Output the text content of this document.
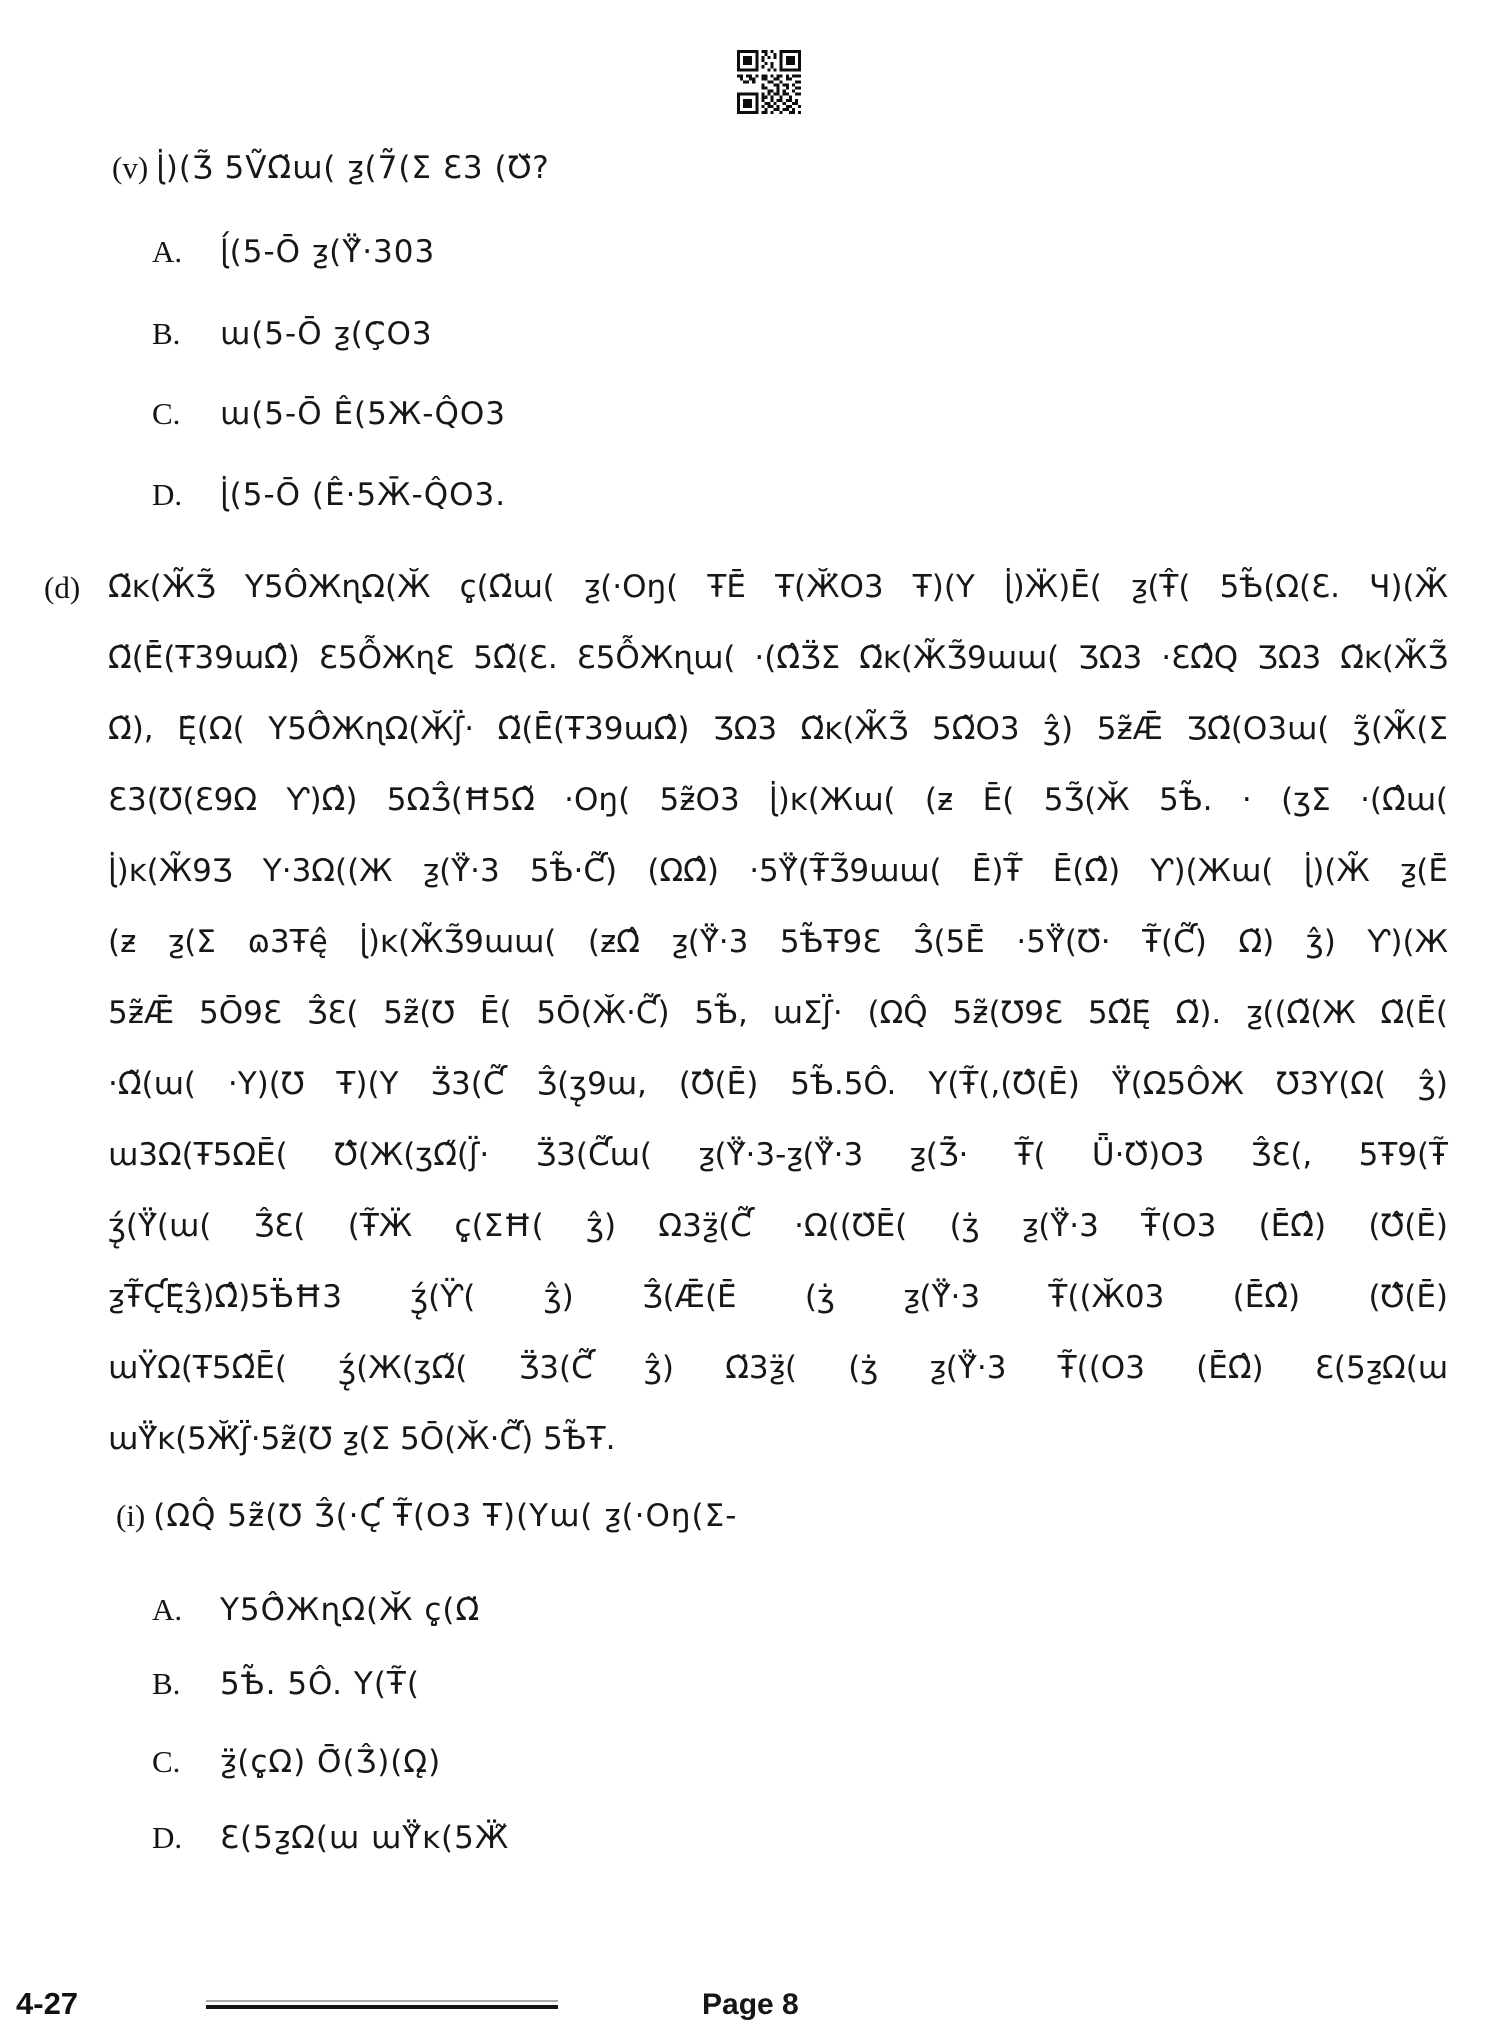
(v) ɭ̇)(Ʒ̃ 5ṼΩ̈ɯ( ƺ(7̃(Σ Ɛ3 (Ʊ̆?
A.	ɭ́(5-Ō ƺ(Ϋ̃·303
B.	ɯ(5-Ō ƺ(Ç̈O3
C.	ɯ(5-Ō Ê(5Ж-Q̂O3
D.	ɭ̇(5-Ō (Ê̈·5Ж̄-Q̂O3.
(d) Ω̈ĸ(Ж̃Ʒ̃ Υ5ÔЖɳΩ(Ӂ ҫ̨(Ω̈ɯ( ƺ(·Oŋ( ŦĒ̃ Ŧ(Ӂ̈O3 Ŧ)(Υ ɭ̇)Ӝ)Ē( ƺ(Ŧ̂( 5Ѣ̃(Ω(Ɛ. Ч)(Ж̃
Ω̈(Ē̃(Ŧ39ɯΩ̂) Ɛ5ỖЖɳƐ 5Ω̃(Ɛ. Ɛ5ỖЖɳɯ( ·(Ω̂Ʒ̈Σ Ω̈ĸ(Ж̃Ʒ̃9ɯɯ( ƷΩ3 ·ƐΩ̂Q ƷΩ3 Ω̈ĸ(Ж̃Ʒ̃
Ω̈), Ę̂(Ω( Υ5Ô̂ЖɳΩ(Ӂʃ̈· Ω̈(Ē̃(Ŧ39ɯΩ̂) ƷΩ3 Ω̈ĸ(Ж̃Ʒ̃ 5Ω̃O3 ʒ̂) 5ƶ̃Ǣ̈ ƷΩ̈(O3ɯ( ʒ̃(Ж̃(Σ
Ɛ3(Ʊ(Ɛ9Ω Ƴ)Ω̂) 5ΩƷ̂(Ħ5Ω̃ ·Oŋ( 5ƶ̃O3 ɭ̇)ĸ(Жɯ( (ƶ Ē( 5Ʒ̃(Ӂ 5Ѣ̃. · (ʒΣ ·(Ω̂ɯ(
ɭ̇)ĸ(Ж̃9Ʒ Υ·3Ω((Ж ƺ(Ϋ̃·3 5Ѣ̃·Ƈ̃) (ΩΩ̂) ·5Ϋ̃(Ŧ̃Ʒ̃9ɯɯ( Ē̃)Ŧ̃ Ē(Ω̂) Ƴ)(Жɯ( ɭ̇)(Ж̃ ƺ(Ē̃
(ƶ ƺ(Σ ɷ3Ŧę̂ ɭ̇)ĸ(Ж̃Ʒ̃9ɯɯ( (ƶΩ̂ ƺ(Ϋ̃·3 5Ѣ̃Ŧ9Ɛ Ʒ̂(5Ē̃ ·5Ϋ̃(Ʊ̈· Ŧ̃(Ƈ̃) Ω̈) ʒ̂) Ƴ)(Ж
5ƶ̃Ǣ̈ 5Ō9Ɛ Ʒ̂Ɛ( 5ƶ̃(Ʊ Ē( 5Ō(Ӂ·Ƈ̃) 5Ѣ̃, ɯΣʃ̈· (ΩQ̂ 5ƶ̃(Ʊ9Ɛ 5Ω̃Ę̂ Ω̈). ƺ((Ω̃(Ж Ω̈(Ē̃(
·Ω̃(ɯ( ·Υ)(Ʊ Ŧ)(Υ Ʒ̈3(Ƈ̃ Ʒ̂(ʒ̨9ɯ, (Ʊ̂(Ē̃) 5Ѣ̃.5Ô. Υ(Ŧ̃(,(Ʊ̂(Ē̃) Ϋ̈(Ω5ÔЖ Ʊ3Υ(Ω( ʒ̂)
ɯ3Ω(Ŧ5ΩĒ( Ʊ̂(Ж(ʒΩ̋(ʃ̈· Ʒ̈3(Ƈ̃ɯ( ƺ(Ϋ̃·3-ƺ(Ϋ̃·3 ƺ(Ʒ̃̄· Ŧ̃( Ǖ·Ʊ̆)O3 Ʒ̂Ɛ(, 5Ŧ9(Ŧ̃
ʒ̨́(Ϋ̈(ɯ( Ʒ̂Ɛ( (Ŧ̃Ӝ ҫ̨(ΣĦ( ʒ̂) Ω3ƺ̈(Ƈ̃ ·Ω((Ʊ̈Ē( (ʒ̇ ƺ(Ϋ̃·3 Ŧ̃(O3 (Ē̃Ω̂) (Ʊ̂(Ē̃)
ƺŦ̃Ƈ̨Ę̂ʒ̂)Ω̂)5Ѣ̈Ħ3 ʒ̨́(Ƴ̈( ʒ̂) Ʒ̂(Ǣ̈(Ē̃ (ʒ̇ ƺ(Ϋ̃·3 Ŧ̃((Ӂ03 (Ē̃Ω̂) (Ʊ̂(Ē̃)
ɯΫΩ(Ŧ5Ω̃Ē( ʒ̨́(Ж(ʒΩ̋( Ʒ̈3(Ƈ̃ ʒ̂) Ω̈3ƺ̈( (ʒ̇ ƺ(Ϋ̃·3 Ŧ̃((O3 (Ē̃Ω̂) Ɛ(5ƺΩ(ɯ
ɯΫ̈ĸ(5Ӂ̈ʃ̈·5ƶ̃(Ʊ ƺ(Σ 5Ō(Ӂ·Ƈ̃) 5Ѣ̃Ŧ.
(i) (ΩQ̂ 5ƶ̃(Ʊ Ʒ̂(·Ƈ̨ Ŧ̃(O3 Ŧ)(Υɯ( ƺ(·Oŋ(Σ-
A.	Υ5Ô̂ЖɳΩ(Ӂ ҫ̨(Ω̈
B.	5Ѣ̃. 5Ô. Υ(Ŧ̃(
C.	ƺ̈(ҫ̨Ω) Ō̃(Ʒ̂)(Ω̨)
D.	Ɛ(5ƺΩ(ɯ ɯΫ̃ĸ(5Ӝ̃
4-27	Page 8
